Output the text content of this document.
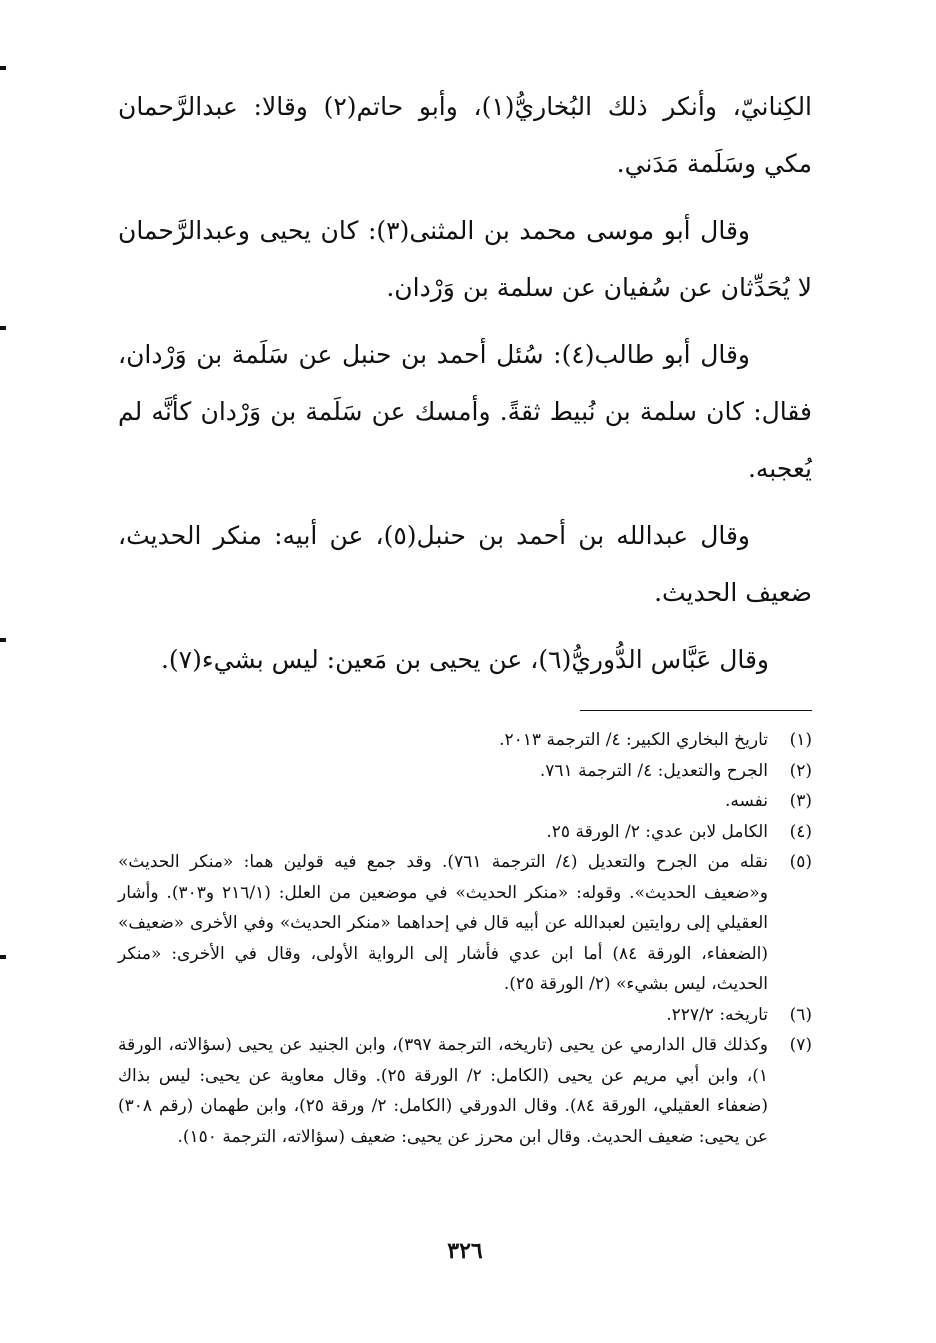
الكِنانيّ، وأنكر ذلك البُخاريُّ(١)، وأبو حاتم(٢) وقالا: عبدالرَّحمان مكي وسَلَمة مَدَني.

وقال أبو موسى محمد بن المثنى(٣): كان يحيى وعبدالرَّحمان لا يُحَدِّثان عن سُفيان عن سلمة بن وَرْدان.

وقال أبو طالب(٤): سُئل أحمد بن حنبل عن سَلَمة بن وَرْدان، فقال: كان سلمة بن نُبيط ثقةً. وأمسك عن سَلَمة بن وَرْدان كأنَّه لم يُعجبه.

وقال عبدالله بن أحمد بن حنبل(٥)، عن أبيه: منكر الحديث، ضعيف الحديث.

وقال عَبَّاس الدُّوريُّ(٦)، عن يحيى بن مَعين: ليس بشيء(٧).

(١)
تاريخ البخاري الكبير: ٤/ الترجمة ٢٠١٣.
(٢)
الجرح والتعديل: ٤/ الترجمة ٧٦١.
(٣)
نفسه.
(٤)
الكامل لابن عدي: ٢/ الورقة ٢٥.
(٥)
نقله من الجرح والتعديل (٤/ الترجمة ٧٦١). وقد جمع فيه قولين هما: «منكر الحديث» و«ضعيف الحديث». وقوله: «منكر الحديث» في موضعين من العلل: (٢١٦/١ و٣٠٣). وأشار العقيلي إلى روايتين لعبدالله عن أبيه قال في إحداهما «منكر الحديث» وفي الأخرى «ضعيف» (الضعفاء، الورقة ٨٤) أما ابن عدي فأشار إلى الرواية الأولى، وقال في الأخرى: «منكر الحديث، ليس بشيء» (٢/ الورقة ٢٥).
(٦)
تاريخه: ٢٢٧/٢.
(٧)
وكذلك قال الدارمي عن يحيى (تاريخه، الترجمة ٣٩٧)، وابن الجنيد عن يحيى (سؤالاته، الورقة ١)، وابن أبي مريم عن يحيى (الكامل: ٢/ الورقة ٢٥). وقال معاوية عن يحيى: ليس بذاك (ضعفاء العقيلي، الورقة ٨٤). وقال الدورقي (الكامل: ٢/ ورقة ٢٥)، وابن طهمان (رقم ٣٠٨) عن يحيى: ضعيف الحديث. وقال ابن محرز عن يحيى: ضعيف (سؤالاته، الترجمة ١٥٠).
٣٢٦
